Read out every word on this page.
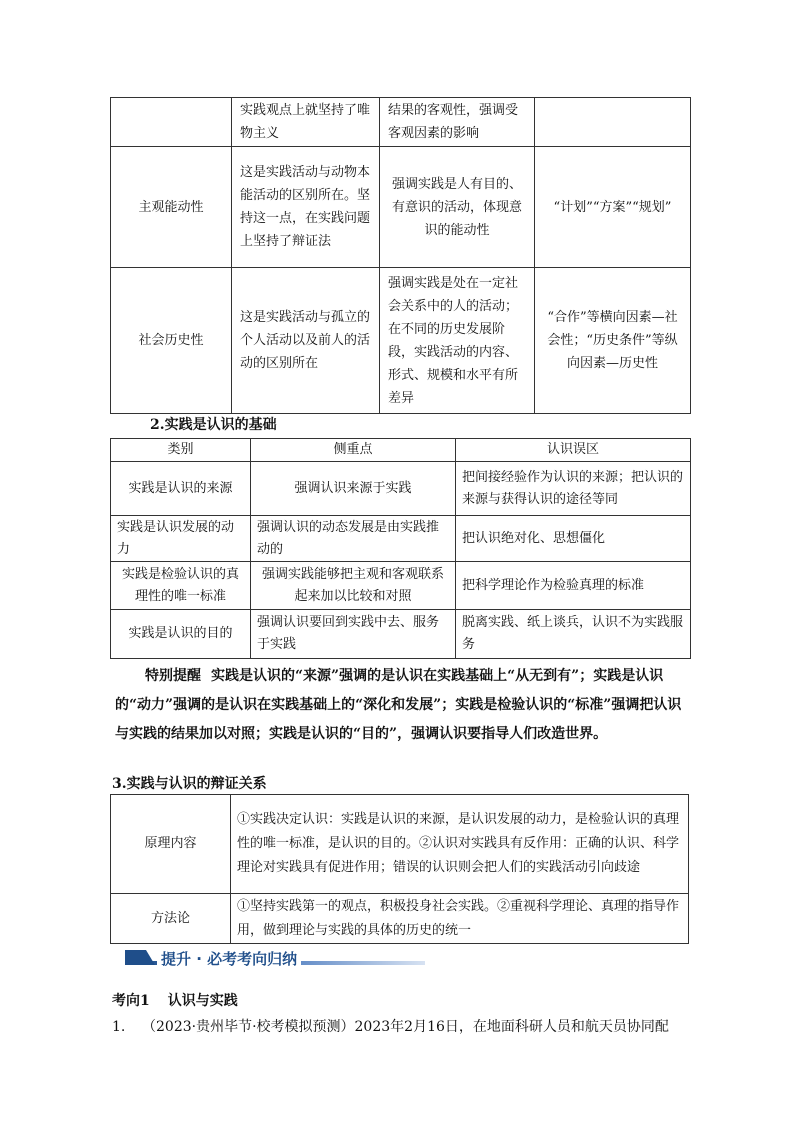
	实践观点上就坚持了唯物主义	结果的客观性，强调受客观因素的影响	
主观能动性	这是实践活动与动物本能活动的区别所在。坚持这一点，在实践问题上坚持了辩证法	强调实践是人有目的、有意识的活动，体现意识的能动性	“计划”“方案”“规划”
社会历史性	这是实践活动与孤立的个人活动以及前人的活动的区别所在	强调实践是处在一定社会关系中的人的活动；在不同的历史发展阶段，实践活动的内容、形式、规模和水平有所差异	“合作”等横向因素—社会性；“历史条件”等纵向因素—历史性
2.实践是认识的基础
类别	侧重点	认识误区
实践是认识的来源	强调认识来源于实践	把间接经验作为认识的来源；把认识的来源与获得认识的途径等同
实践是认识发展的动力	强调认识的动态发展是由实践推动的	把认识绝对化、思想僵化
实践是检验认识的真理性的唯一标准	强调实践能够把主观和客观联系起来加以比较和对照	把科学理论作为检验真理的标准
实践是认识的目的	强调认识要回到实践中去、服务于实践	脱离实践、纸上谈兵，认识不为实践服务
特别提醒 实践是认识的“来源”强调的是认识在实践基础上“从无到有”；实践是认识的“动力”强调的是认识在实践基础上的“深化和发展”；实践是检验认识的“标准”强调把认识与实践的结果加以对照；实践是认识的“目的”，强调认识要指导人们改造世界。
3.实践与认识的辩证关系
原理内容	①实践决定认识：实践是认识的来源，是认识发展的动力，是检验认识的真理性的唯一标准，是认识的目的。②认识对实践具有反作用：正确的认识、科学理论对实践具有促进作用；错误的认识则会把人们的实践活动引向歧途
方法论	①坚持实践第一的观点，积极投身社会实践。②重视科学理论、真理的指导作用，做到理论与实践的具体的历史的统一
提升 · 必考考向归纳
考向1 认识与实践
1. （2023·贵州毕节·校考模拟预测）2023年2月16日，在地面科研人员和航天员协同配
